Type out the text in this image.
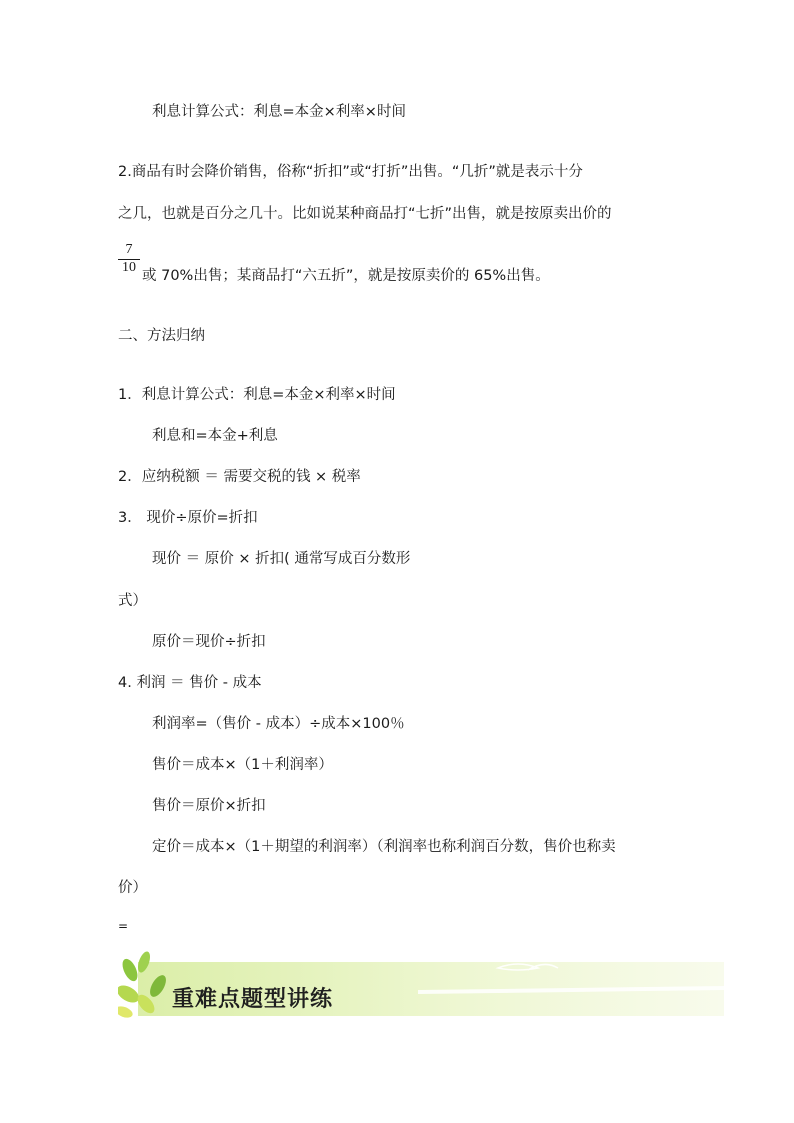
利息计算公式：利息=本金×利率×时间
2.商品有时会降价销售，俗称“折扣”或“打折”出售。“几折”就是表示十分
之几，也就是百分之几十。比如说某种商品打“七折”出售，就是按原卖出价的
7
10
或 70%出售；某商品打“六五折”，就是按原卖价的 65%出售。
二、方法归纳
1．利息计算公式：利息=本金×利率×时间
利息和=本金+利息
2．应纳税额 ＝ 需要交税的钱 × 税率
3． 现价÷原价=折扣
现价 ＝ 原价 × 折扣( 通常写成百分数形
式）
原价＝现价÷折扣
4. 利润 ＝ 售价 - 成本
利润率=（售价 - 成本）÷成本×100％
售价＝成本×（1＋利润率）
售价＝原价×折扣
定价＝成本×（1＋期望的利润率）（利润率也称利润百分数，售价也称卖
价）
=
重难点题型讲练
